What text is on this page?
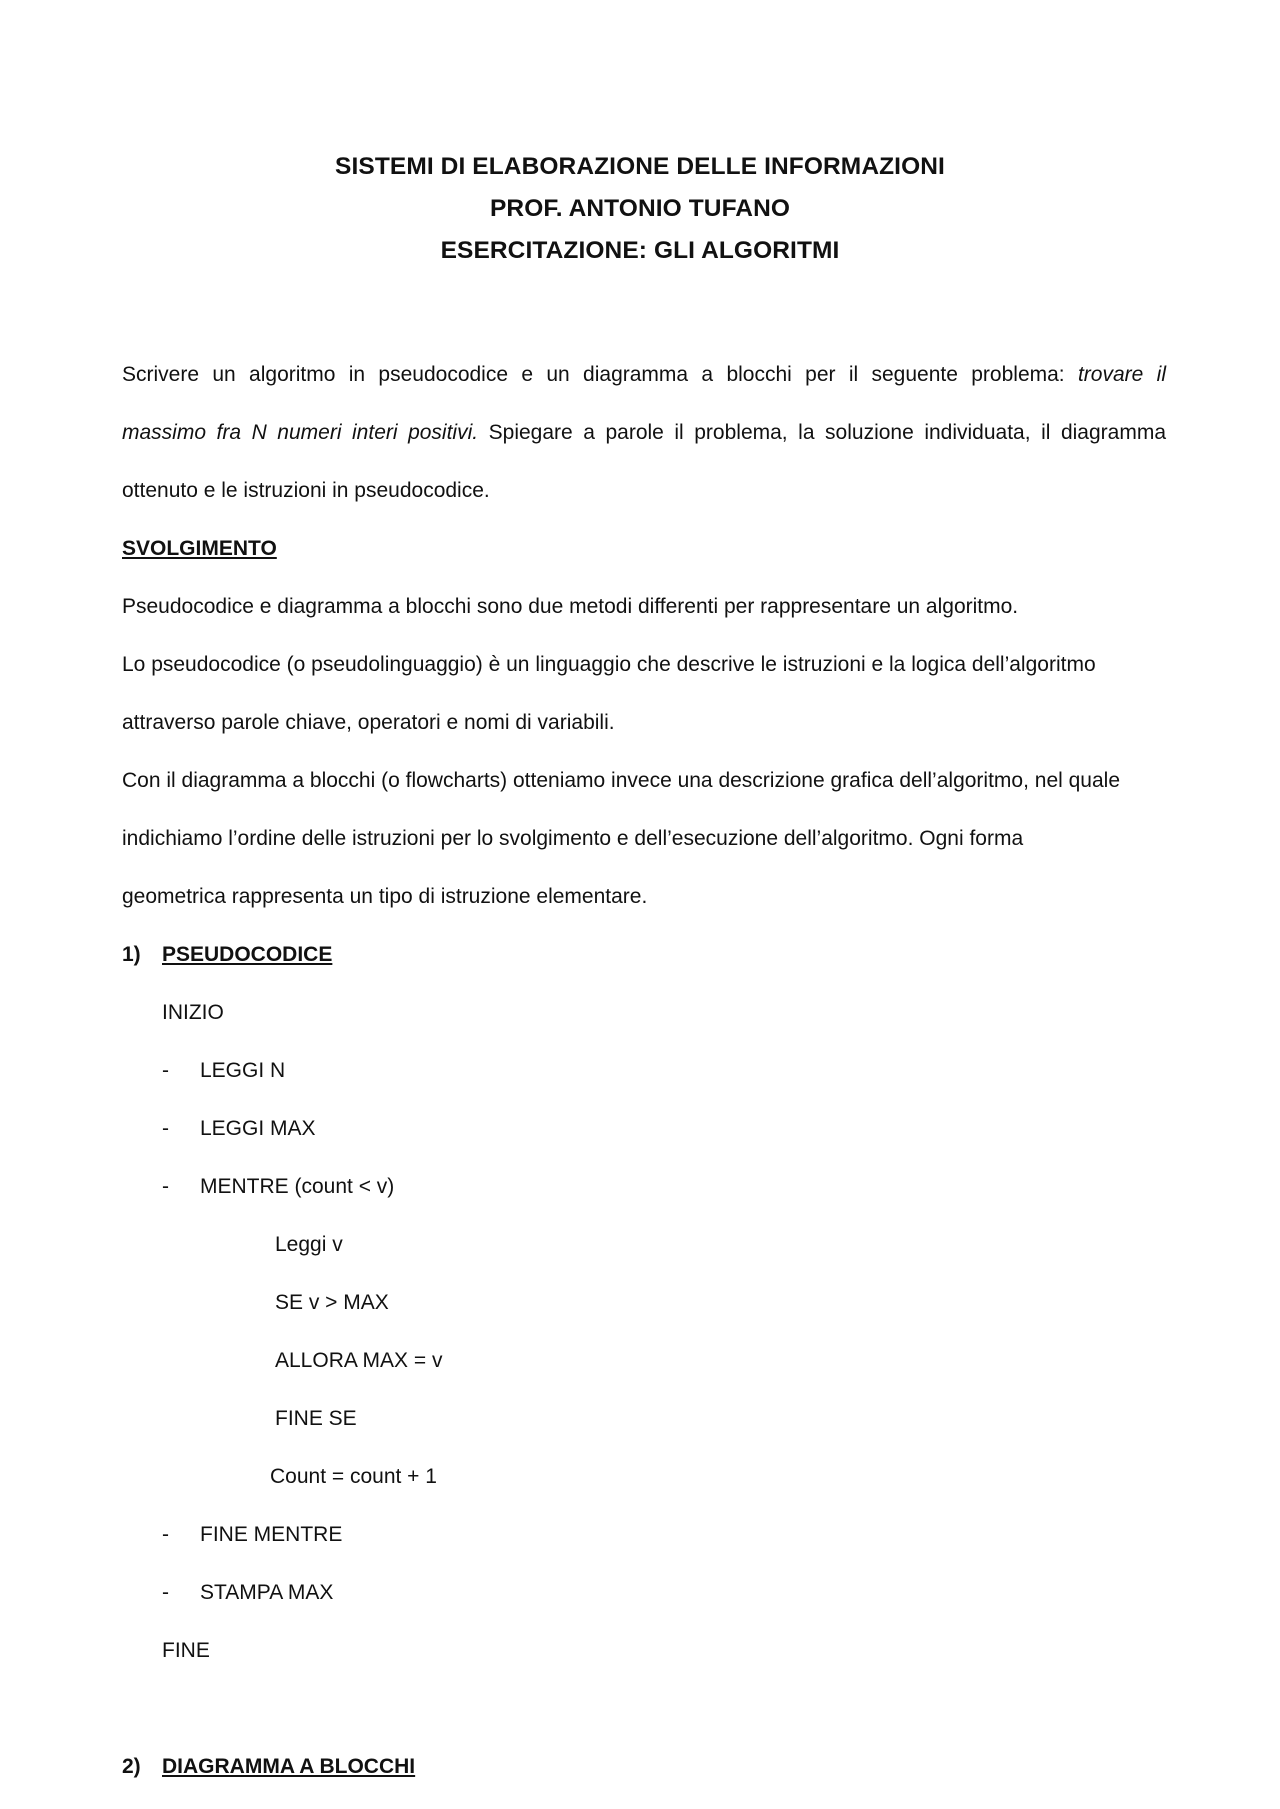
SISTEMI DI ELABORAZIONE DELLE INFORMAZIONI
PROF. ANTONIO TUFANO
ESERCITAZIONE: GLI ALGORITMI
Scrivere un algoritmo in pseudocodice e un diagramma a blocchi per il seguente problema: trovare il
massimo fra N numeri interi positivi. Spiegare a parole il problema, la soluzione individuata, il diagramma
ottenuto e le istruzioni in pseudocodice.
SVOLGIMENTO
Pseudocodice e diagramma a blocchi sono due metodi differenti per rappresentare un algoritmo.
Lo pseudocodice (o pseudolinguaggio) è un linguaggio che descrive le istruzioni e la logica dell’algoritmo
attraverso parole chiave, operatori e nomi di variabili.
Con il diagramma a blocchi (o flowcharts) otteniamo invece una descrizione grafica dell’algoritmo, nel quale
indichiamo l’ordine delle istruzioni per lo svolgimento e dell’esecuzione dell’algoritmo. Ogni forma
geometrica rappresenta un tipo di istruzione elementare.
1) PSEUDOCODICE
INIZIO
- LEGGI N
- LEGGI MAX
- MENTRE (count < v)
Leggi v
SE v > MAX
ALLORA MAX = v
FINE SE
Count = count + 1
- FINE MENTRE
- STAMPA MAX
FINE
2) DIAGRAMMA A BLOCCHI
